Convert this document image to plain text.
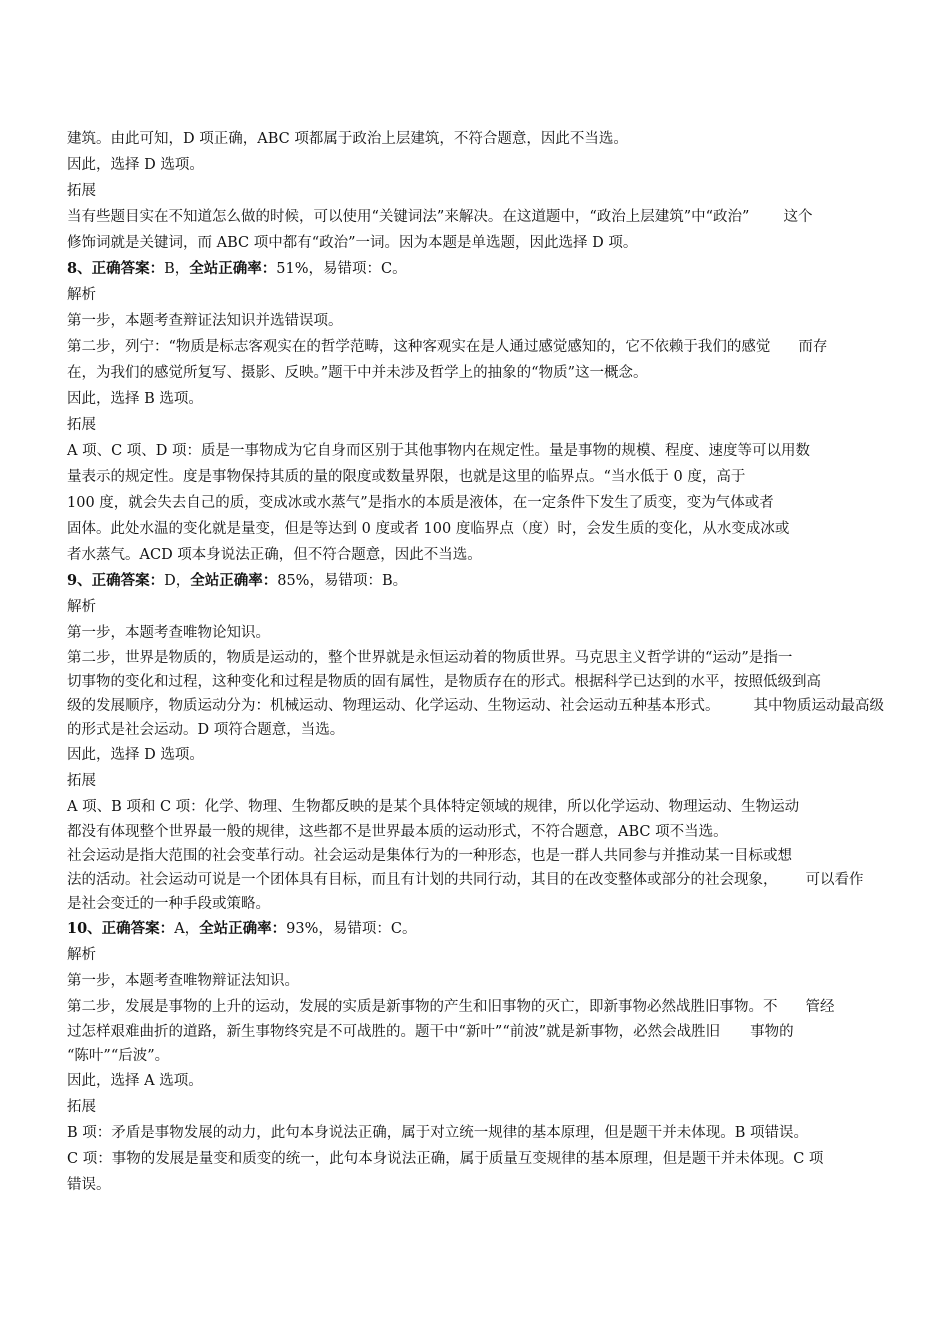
建筑。由此可知，D 项正确，ABC 项都属于政治上层建筑，不符合题意，因此不当选。

因此，选择 D 选项。

拓展

当有些题目实在不知道怎么做的时候，可以使用“关键词法”来解决。在这道题中，“政治上层建筑”中“政治” 这个

修饰词就是关键词，而 ABC 项中都有“政治”一词。因为本题是单选题，因此选择 D 项。

8、正确答案：B，全站正确率：51%，易错项：C。

解析

第一步，本题考查辩证法知识并选错误项。

第二步，列宁：“物质是标志客观实在的哲学范畴，这种客观实在是人通过感觉感知的，它不依赖于我们的感觉 而存

在，为我们的感觉所复写、摄影、反映。”题干中并未涉及哲学上的抽象的“物质”这一概念。

因此，选择 B 选项。

拓展

A 项、C 项、D 项：质是一事物成为它自身而区别于其他事物内在规定性。量是事物的规模、程度、速度等可以用数

量表示的规定性。度是事物保持其质的量的限度或数量界限，也就是这里的临界点。“当水低于 0 度，高于

100 度，就会失去自己的质，变成冰或水蒸气”是指水的本质是液体，在一定条件下发生了质变，变为气体或者

固体。此处水温的变化就是量变，但是等达到 0 度或者 100 度临界点（度）时，会发生质的变化，从水变成冰或

者水蒸气。ACD 项本身说法正确，但不符合题意，因此不当选。

9、正确答案：D，全站正确率：85%，易错项：B。

解析

第一步，本题考查唯物论知识。

第二步，世界是物质的，物质是运动的，整个世界就是永恒运动着的物质世界。马克思主义哲学讲的“运动”是指一

切事物的变化和过程，这种变化和过程是物质的固有属性，是物质存在的形式。根据科学已达到的水平，按照低级到高

级的发展顺序，物质运动分为：机械运动、物理运动、化学运动、生物运动、社会运动五种基本形式。 其中物质运动最高级

的形式是社会运动。D 项符合题意，当选。

因此，选择 D 选项。

拓展

A 项、B 项和 C 项：化学、物理、生物都反映的是某个具体特定领域的规律，所以化学运动、物理运动、生物运动

都没有体现整个世界最一般的规律，这些都不是世界最本质的运动形式，不符合题意，ABC 项不当选。

社会运动是指大范围的社会变革行动。社会运动是集体行为的一种形态，也是一群人共同参与并推动某一目标或想

法的活动。社会运动可说是一个团体具有目标，而且有计划的共同行动，其目的在改变整体或部分的社会现象， 可以看作

是社会变迁的一种手段或策略。

10、正确答案：A，全站正确率：93%，易错项：C。

解析

第一步，本题考查唯物辩证法知识。

第二步，发展是事物的上升的运动，发展的实质是新事物的产生和旧事物的灭亡，即新事物必然战胜旧事物。不 管经

过怎样艰难曲折的道路，新生事物终究是不可战胜的。题干中“新叶”“前波”就是新事物，必然会战胜旧 事物的

“陈叶”“后波”。

因此，选择 A 选项。

拓展

B 项：矛盾是事物发展的动力，此句本身说法正确，属于对立统一规律的基本原理，但是题干并未体现。B 项错误。

C 项：事物的发展是量变和质变的统一，此句本身说法正确，属于质量互变规律的基本原理，但是题干并未体现。C 项

错误。
